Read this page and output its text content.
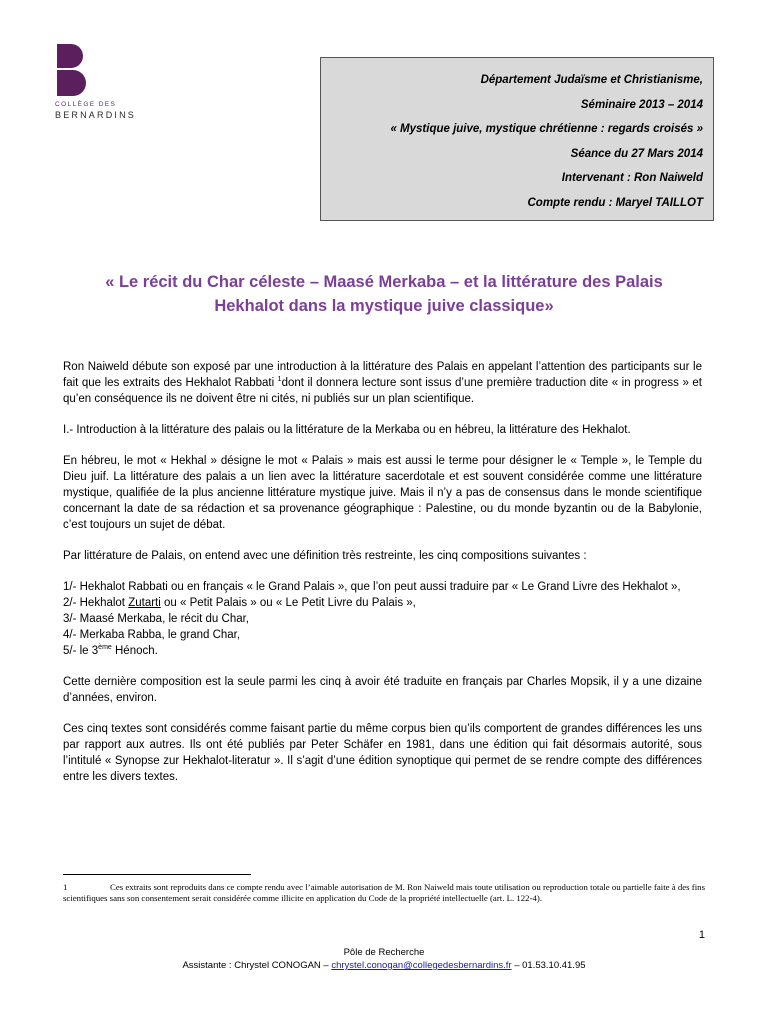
COLLÈGE DES
BERNARDINS
Département Judaïsme et Christianisme,
Séminaire 2013 – 2014
« Mystique juive, mystique chrétienne : regards croisés »
Séance du 27 Mars 2014
Intervenant : Ron Naiweld
Compte rendu : Maryel TAILLOT
« Le récit du Char céleste – Maasé Merkaba – et la littérature des Palais
Hekhalot dans la mystique juive classique»

Ron Naiweld débute son exposé par une introduction à la littérature des Palais en appelant l’attention des participants sur le fait que les extraits des Hekhalot Rabbati $^1$dont il donnera lecture sont issus d’une première traduction dite « in progress » et qu’en conséquence ils ne doivent être ni cités, ni publiés sur un plan scientifique.

I.- Introduction à la littérature des palais ou la littérature de la Merkaba ou en hébreu, la littérature des Hekhalot.

En hébreu, le mot « Hekhal » désigne le mot « Palais » mais est aussi le terme pour désigner le « Temple », le Temple du Dieu juif. La littérature des palais a un lien avec la littérature sacerdotale et est souvent considérée comme une littérature mystique, qualifiée de la plus ancienne littérature mystique juive. Mais il n’y a pas de consensus dans le monde scientifique concernant la date de sa rédaction et sa provenance géographique : Palestine, ou du monde byzantin ou de la Babylonie, c’est toujours un sujet de débat.

Par littérature de Palais, on entend avec une définition très restreinte, les cinq compositions suivantes :

1/- Hekhalot Rabbati ou en français « le Grand Palais », que l’on peut aussi traduire par « Le Grand Livre des Hekhalot »,
2/- Hekhalot Zutarti ou « Petit Palais » ou « Le Petit Livre du Palais »,
3/- Maasé Merkaba, le récit du Char,
4/- Merkaba Rabba, le grand Char,
5/- le 3ème Hénoch.

Cette dernière composition est la seule parmi les cinq à avoir été traduite en français par Charles Mopsik, il y a une dizaine d’années, environ.

Ces cinq textes sont considérés comme faisant partie du même corpus bien qu’ils comportent de grandes différences les uns par rapport aux autres. Ils ont été publiés par Peter Schäfer en 1981, dans une édition qui fait désormais autorité, sous l’intitulé « Synopse zur Hekhalot-literatur ». Il s’agit d’une édition synoptique qui permet de se rendre compte des différences entre les divers textes.

1	Ces extraits sont reproduits dans ce compte rendu avec l’aimable autorisation de M. Ron Naiweld mais toute utilisation ou reproduction totale ou partielle faite à des fins scientifiques sans son consentement serait considérée comme illicite en application du Code de la propriété intellectuelle (art. L. 122-4).
1
Pôle de Recherche
Assistante : Chrystel CONOGAN – chrystel.conogan@collegedesbernardins.fr – 01.53.10.41.95
